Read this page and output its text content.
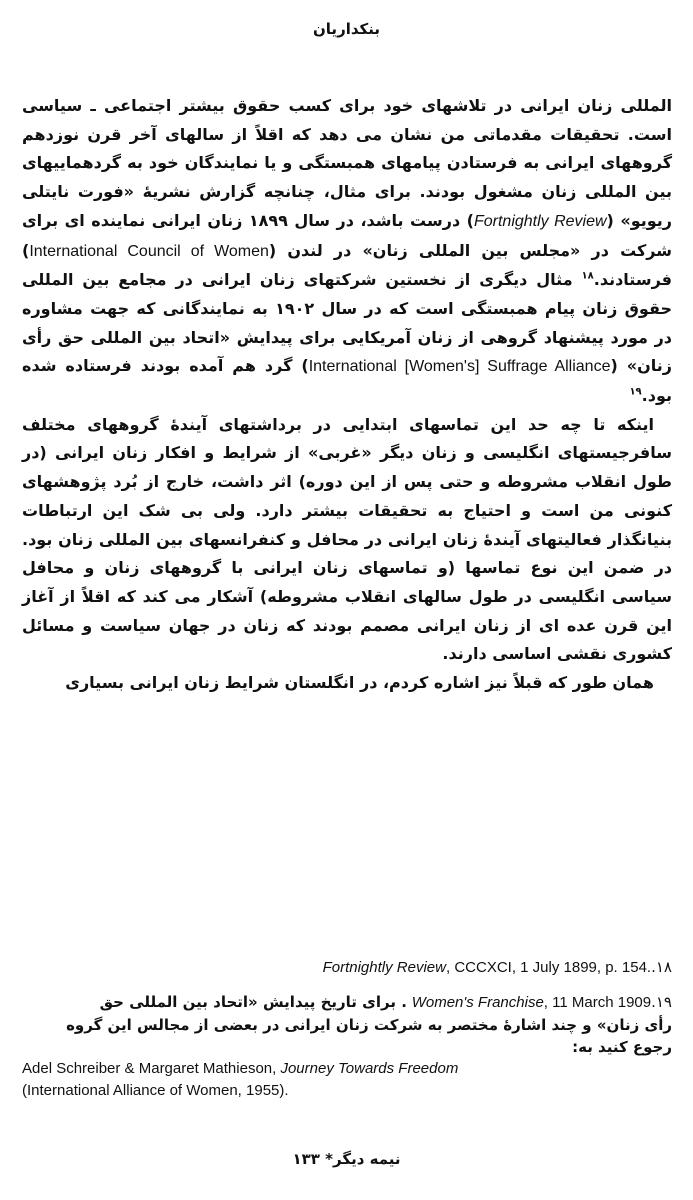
بنکداریان

المللی زنان ایرانی در تلاشهای خود برای کسب حقوق بیشتر اجتماعی ـ سیاسی است. تحقیقات مقدماتی من نشان می دهد که اقلاً از سالهای آخر قرن نوزدهم گروههای ایرانی به فرستادن پیامهای همبستگی و یا نمایندگان خود به گردهماییهای بین المللی زنان مشغول بودند. برای مثال، چنانچه گزارش نشریهٔ «فورت نایتلی ریویو» (Fortnightly Review) درست باشد، در سال ۱۸۹۹ زنان ایرانی نماینده ای برای شرکت در «مجلس بین المللی زنان» در لندن (International Council of Women) فرستادند.$^{۱۸}$ مثال دیگری از نخستین شرکتهای زنان ایرانی در مجامع بین المللی حقوق زنان پیام همبستگی است که در سال ۱۹۰۲ به نمایندگانی که جهت مشاوره در مورد پیشنهاد گروهی از زنان آمریکایی برای پیدایش «اتحاد بین المللی حق رأی زنان» (International [Women's] Suffrage Alliance) گرد هم آمده بودند فرستاده شده بود.$^{۱۹}$

اینکه تا چه حد این تماسهای ابتدایی در برداشتهای آیندهٔ گروههای مختلف سافرجیستهای انگلیسی و زنان دیگر «غربی» از شرایط و افکار زنان ایرانی (در طول انقلاب مشروطه و حتی پس از این دوره) اثر داشت، خارج از بُرد پژوهشهای کنونی من است و احتیاج به تحقیقات بیشتر دارد. ولی بی شک این ارتباطات بنیانگذار فعالیتهای آیندهٔ زنان ایرانی در محافل و کنفرانسهای بین المللی زنان بود. در ضمن این نوع تماسها (و تماسهای زنان ایرانی با گروههای زنان و محافل سیاسی انگلیسی در طول سالهای انقلاب مشروطه) آشکار می کند که اقلاً از آغاز این قرن عده ای از زنان ایرانی مصمم بودند که زنان در جهان سیاست و مسائل کشوری نقشی اساسی دارند.

همان طور که قبلاً نیز اشاره کردم، در انگلستان شرایط زنان ایرانی بسیاری

Fortnightly Review, CCCXCI, 1 July 1899, p. 154..۱۸

. برای تاریخ پیدایش «اتحاد بین المللی حق Women's Franchise, 11 March 1909.۱۹

رأی زنان» و چند اشارهٔ مختصر به شرکت زنان ایرانی در بعضی از مجالس این گروه رجوع کنید به:

Adel Schreiber & Margaret Mathieson, Journey Towards Freedom
(International Alliance of Women, 1955).

نیمه دیگر* ۱۳۳
